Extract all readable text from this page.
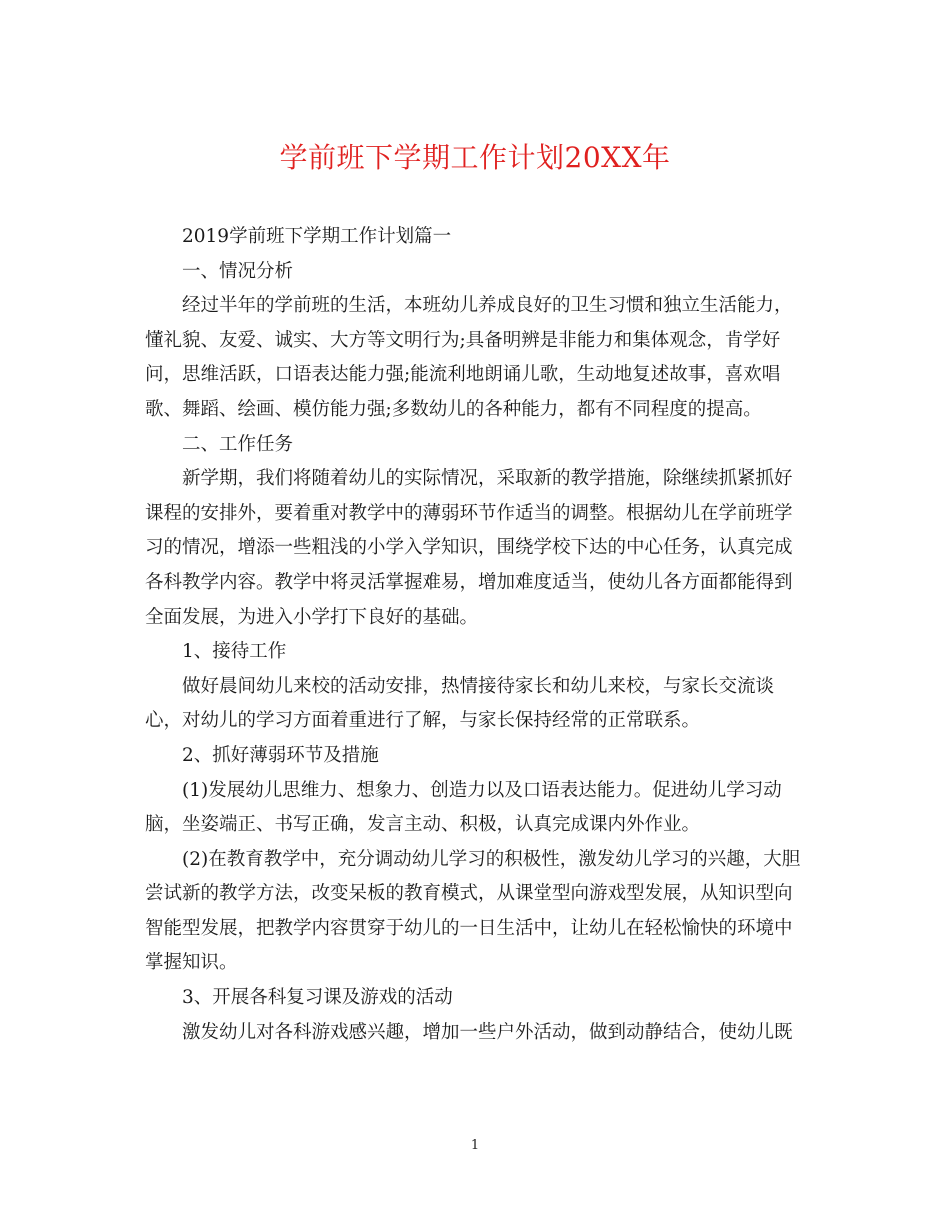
学前班下学期工作计划20XX年

2019学前班下学期工作计划篇一

一、情况分析

经过半年的学前班的生活，本班幼儿养成良好的卫生习惯和独立生活能力，懂礼貌、友爱、诚实、大方等文明行为;具备明辨是非能力和集体观念，肯学好问，思维活跃，口语表达能力强;能流利地朗诵儿歌，生动地复述故事，喜欢唱歌、舞蹈、绘画、模仿能力强;多数幼儿的各种能力，都有不同程度的提高。

二、工作任务

新学期，我们将随着幼儿的实际情况，采取新的教学措施，除继续抓紧抓好课程的安排外，要着重对教学中的薄弱环节作适当的调整。根据幼儿在学前班学习的情况，增添一些粗浅的小学入学知识，围绕学校下达的中心任务，认真完成各科教学内容。教学中将灵活掌握难易，增加难度适当，使幼儿各方面都能得到全面发展，为进入小学打下良好的基础。

1、接待工作

做好晨间幼儿来校的活动安排，热情接待家长和幼儿来校，与家长交流谈心，对幼儿的学习方面着重进行了解，与家长保持经常的正常联系。

2、抓好薄弱环节及措施

(1)发展幼儿思维力、想象力、创造力以及口语表达能力。促进幼儿学习动脑，坐姿端正、书写正确，发言主动、积极，认真完成课内外作业。

(2)在教育教学中，充分调动幼儿学习的积极性，激发幼儿学习的兴趣，大胆尝试新的教学方法，改变呆板的教育模式，从课堂型向游戏型发展，从知识型向智能型发展，把教学内容贯穿于幼儿的一日生活中，让幼儿在轻松愉快的环境中掌握知识。

3、开展各科复习课及游戏的活动

激发幼儿对各科游戏感兴趣，增加一些户外活动，做到动静结合，使幼儿既

1
